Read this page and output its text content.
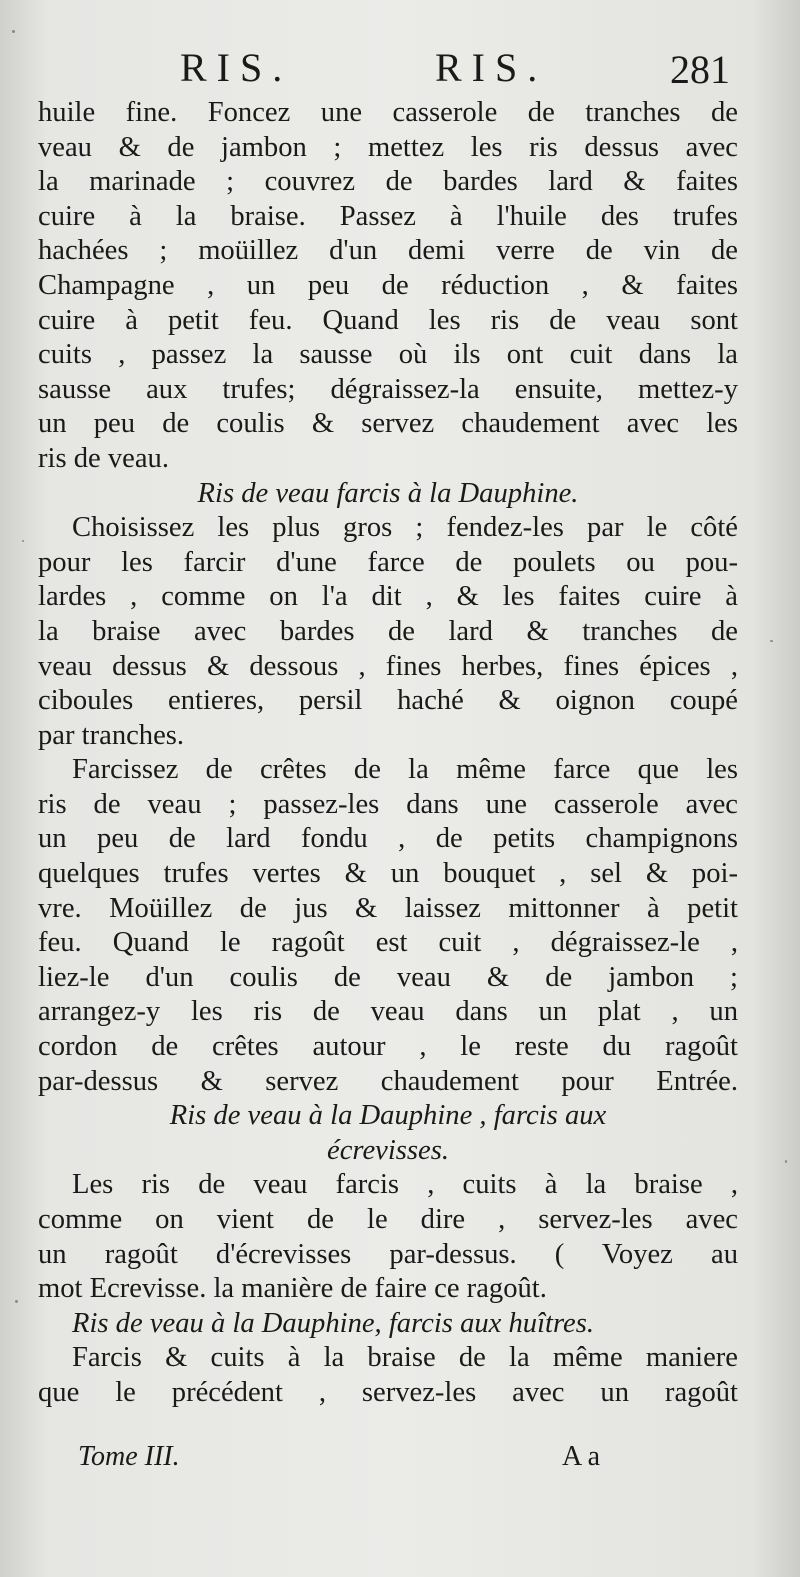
RIS.	RIS.	281
huile fine. Foncez une casserole de tranches de
veau & de jambon ; mettez les ris dessus avec
la marinade ; couvrez de bardes lard & faites
cuire à la braise. Passez à l'huile des trufes
hachées ; moüillez d'un demi verre de vin de
Champagne , un peu de réduction , & faites
cuire à petit feu. Quand les ris de veau sont
cuits , passez la sausse où ils ont cuit dans la
sausse aux trufes; dégraissez-la ensuite, mettez-y
un peu de coulis & servez chaudement avec les
ris de veau.
Ris de veau farcis à la Dauphine.
Choisissez les plus gros ; fendez-les par le côté
pour les farcir d'une farce de poulets ou pou-
lardes , comme on l'a dit , & les faites cuire à
la braise avec bardes de lard & tranches de
veau dessus & dessous , fines herbes, fines épices ,
ciboules entieres, persil haché & oignon coupé
par tranches.
Farcissez de crêtes de la même farce que les
ris de veau ; passez-les dans une casserole avec
un peu de lard fondu , de petits champignons
quelques trufes vertes & un bouquet , sel & poi-
vre. Moüillez de jus & laissez mittonner à petit
feu. Quand le ragoût est cuit , dégraissez-le ,
liez-le d'un coulis de veau & de jambon ;
arrangez-y les ris de veau dans un plat , un
cordon de crêtes autour , le reste du ragoût
par-dessus & servez chaudement pour Entrée.
Ris de veau à la Dauphine , farcis aux
écrevisses.
Les ris de veau farcis , cuits à la braise ,
comme on vient de le dire , servez-les avec
un ragoût d'écrevisses par-dessus. ( Voyez au
mot Ecrevisse. la manière de faire ce ragoût.
Ris de veau à la Dauphine, farcis aux huîtres.
Farcis & cuits à la braise de la même maniere
que le précédent , servez-les avec un ragoût
Tome III.	A a
